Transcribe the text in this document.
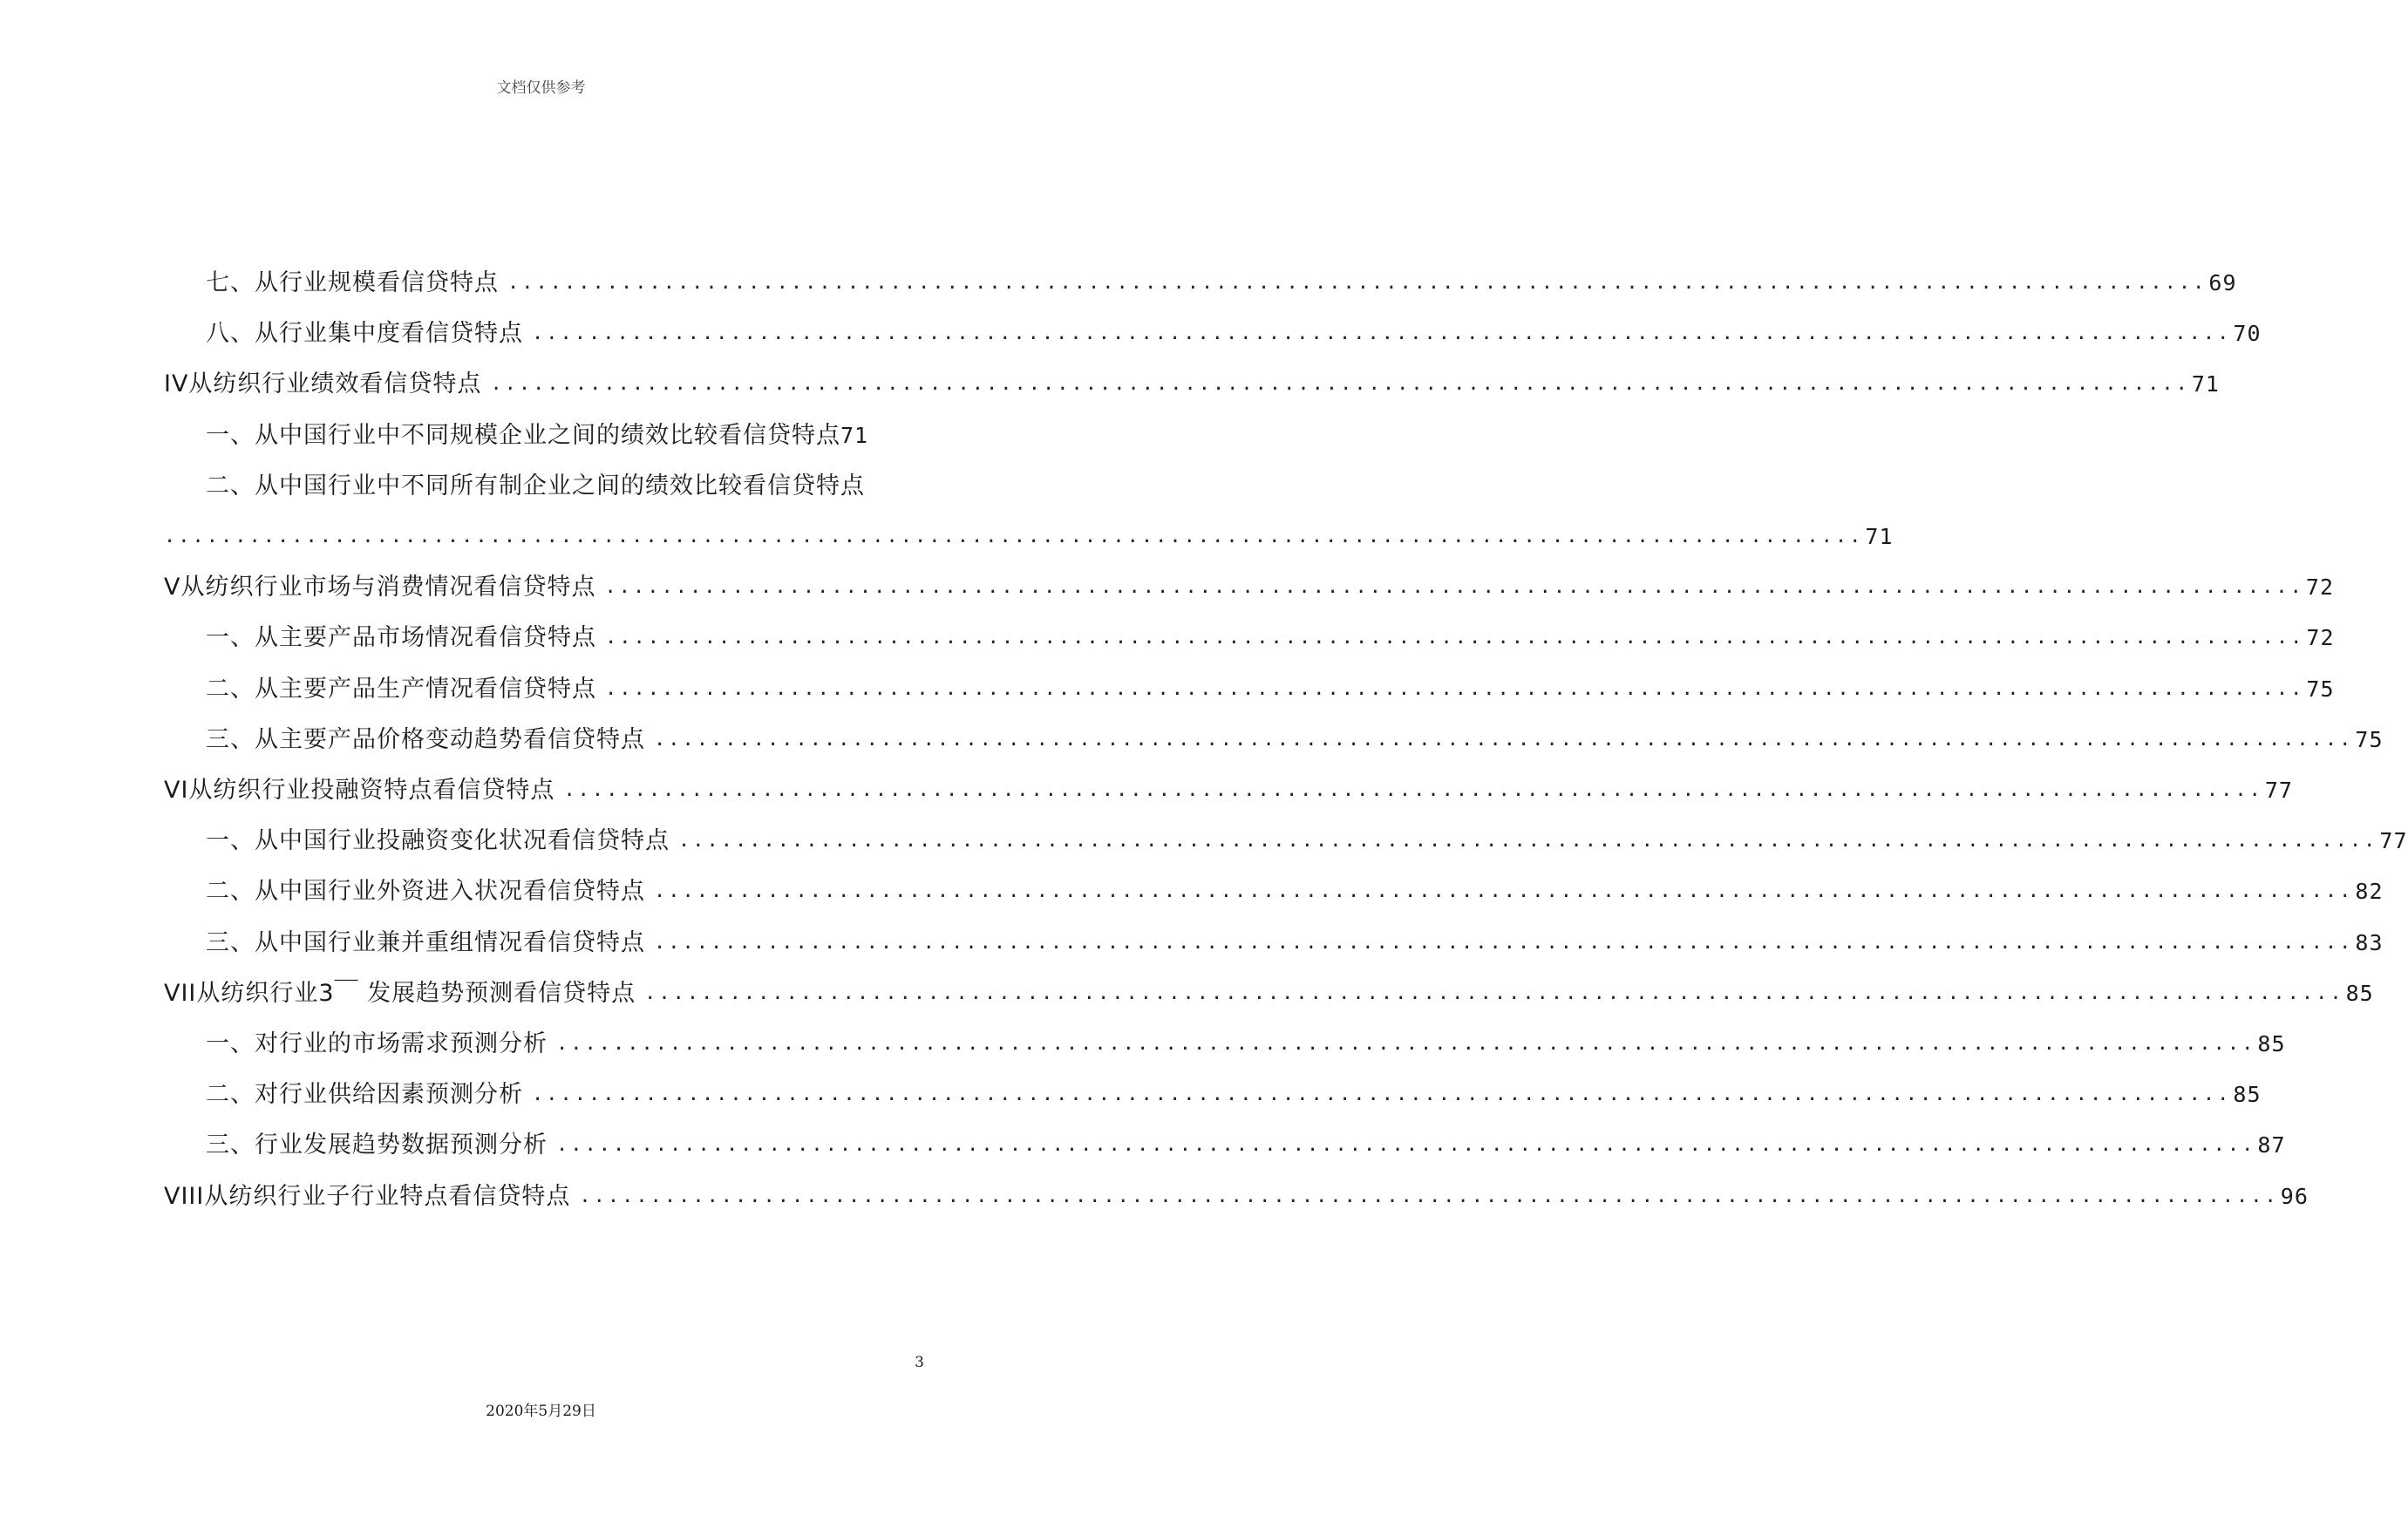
文档仅供参考
七、从行业规模看信贷特点 ........................................................................................................................ 69
八、从行业集中度看信贷特点 ........................................................................................................................ 70
IV从纺织行业绩效看信贷特点 ........................................................................................................................ 71
一、从中国行业中不同规模企业之间的绩效比较看信贷特点 71
二、从中国行业中不同所有制企业之间的绩效比较看信贷特点
........................................................................................................................ 71
V从纺织行业市场与消费情况看信贷特点 ........................................................................................................................ 72
一、从主要产品市场情况看信贷特点 ........................................................................................................................ 72
二、从主要产品生产情况看信贷特点 ........................................................................................................................ 75
三、从主要产品价格变动趋势看信贷特点 ........................................................................................................................ 75
VI从纺织行业投融资特点看信贷特点 ........................................................................................................................ 77
一、从中国行业投融资变化状况看信贷特点 ........................................................................................................................ 77
二、从中国行业外资进入状况看信贷特点 ........................................................................................................................ 82
三、从中国行业兼并重组情况看信贷特点 ........................................................................................................................ 83
VII从纺织行业3￣ 发展趋势预测看信贷特点 ........................................................................................................................ 85
一、对行业的市场需求预测分析 ........................................................................................................................ 85
二、对行业供给因素预测分析 ........................................................................................................................ 85
三、行业发展趋势数据预测分析 ........................................................................................................................ 87
VIII从纺织行业子行业特点看信贷特点 ........................................................................................................................ 96
3
2020年5月29日
